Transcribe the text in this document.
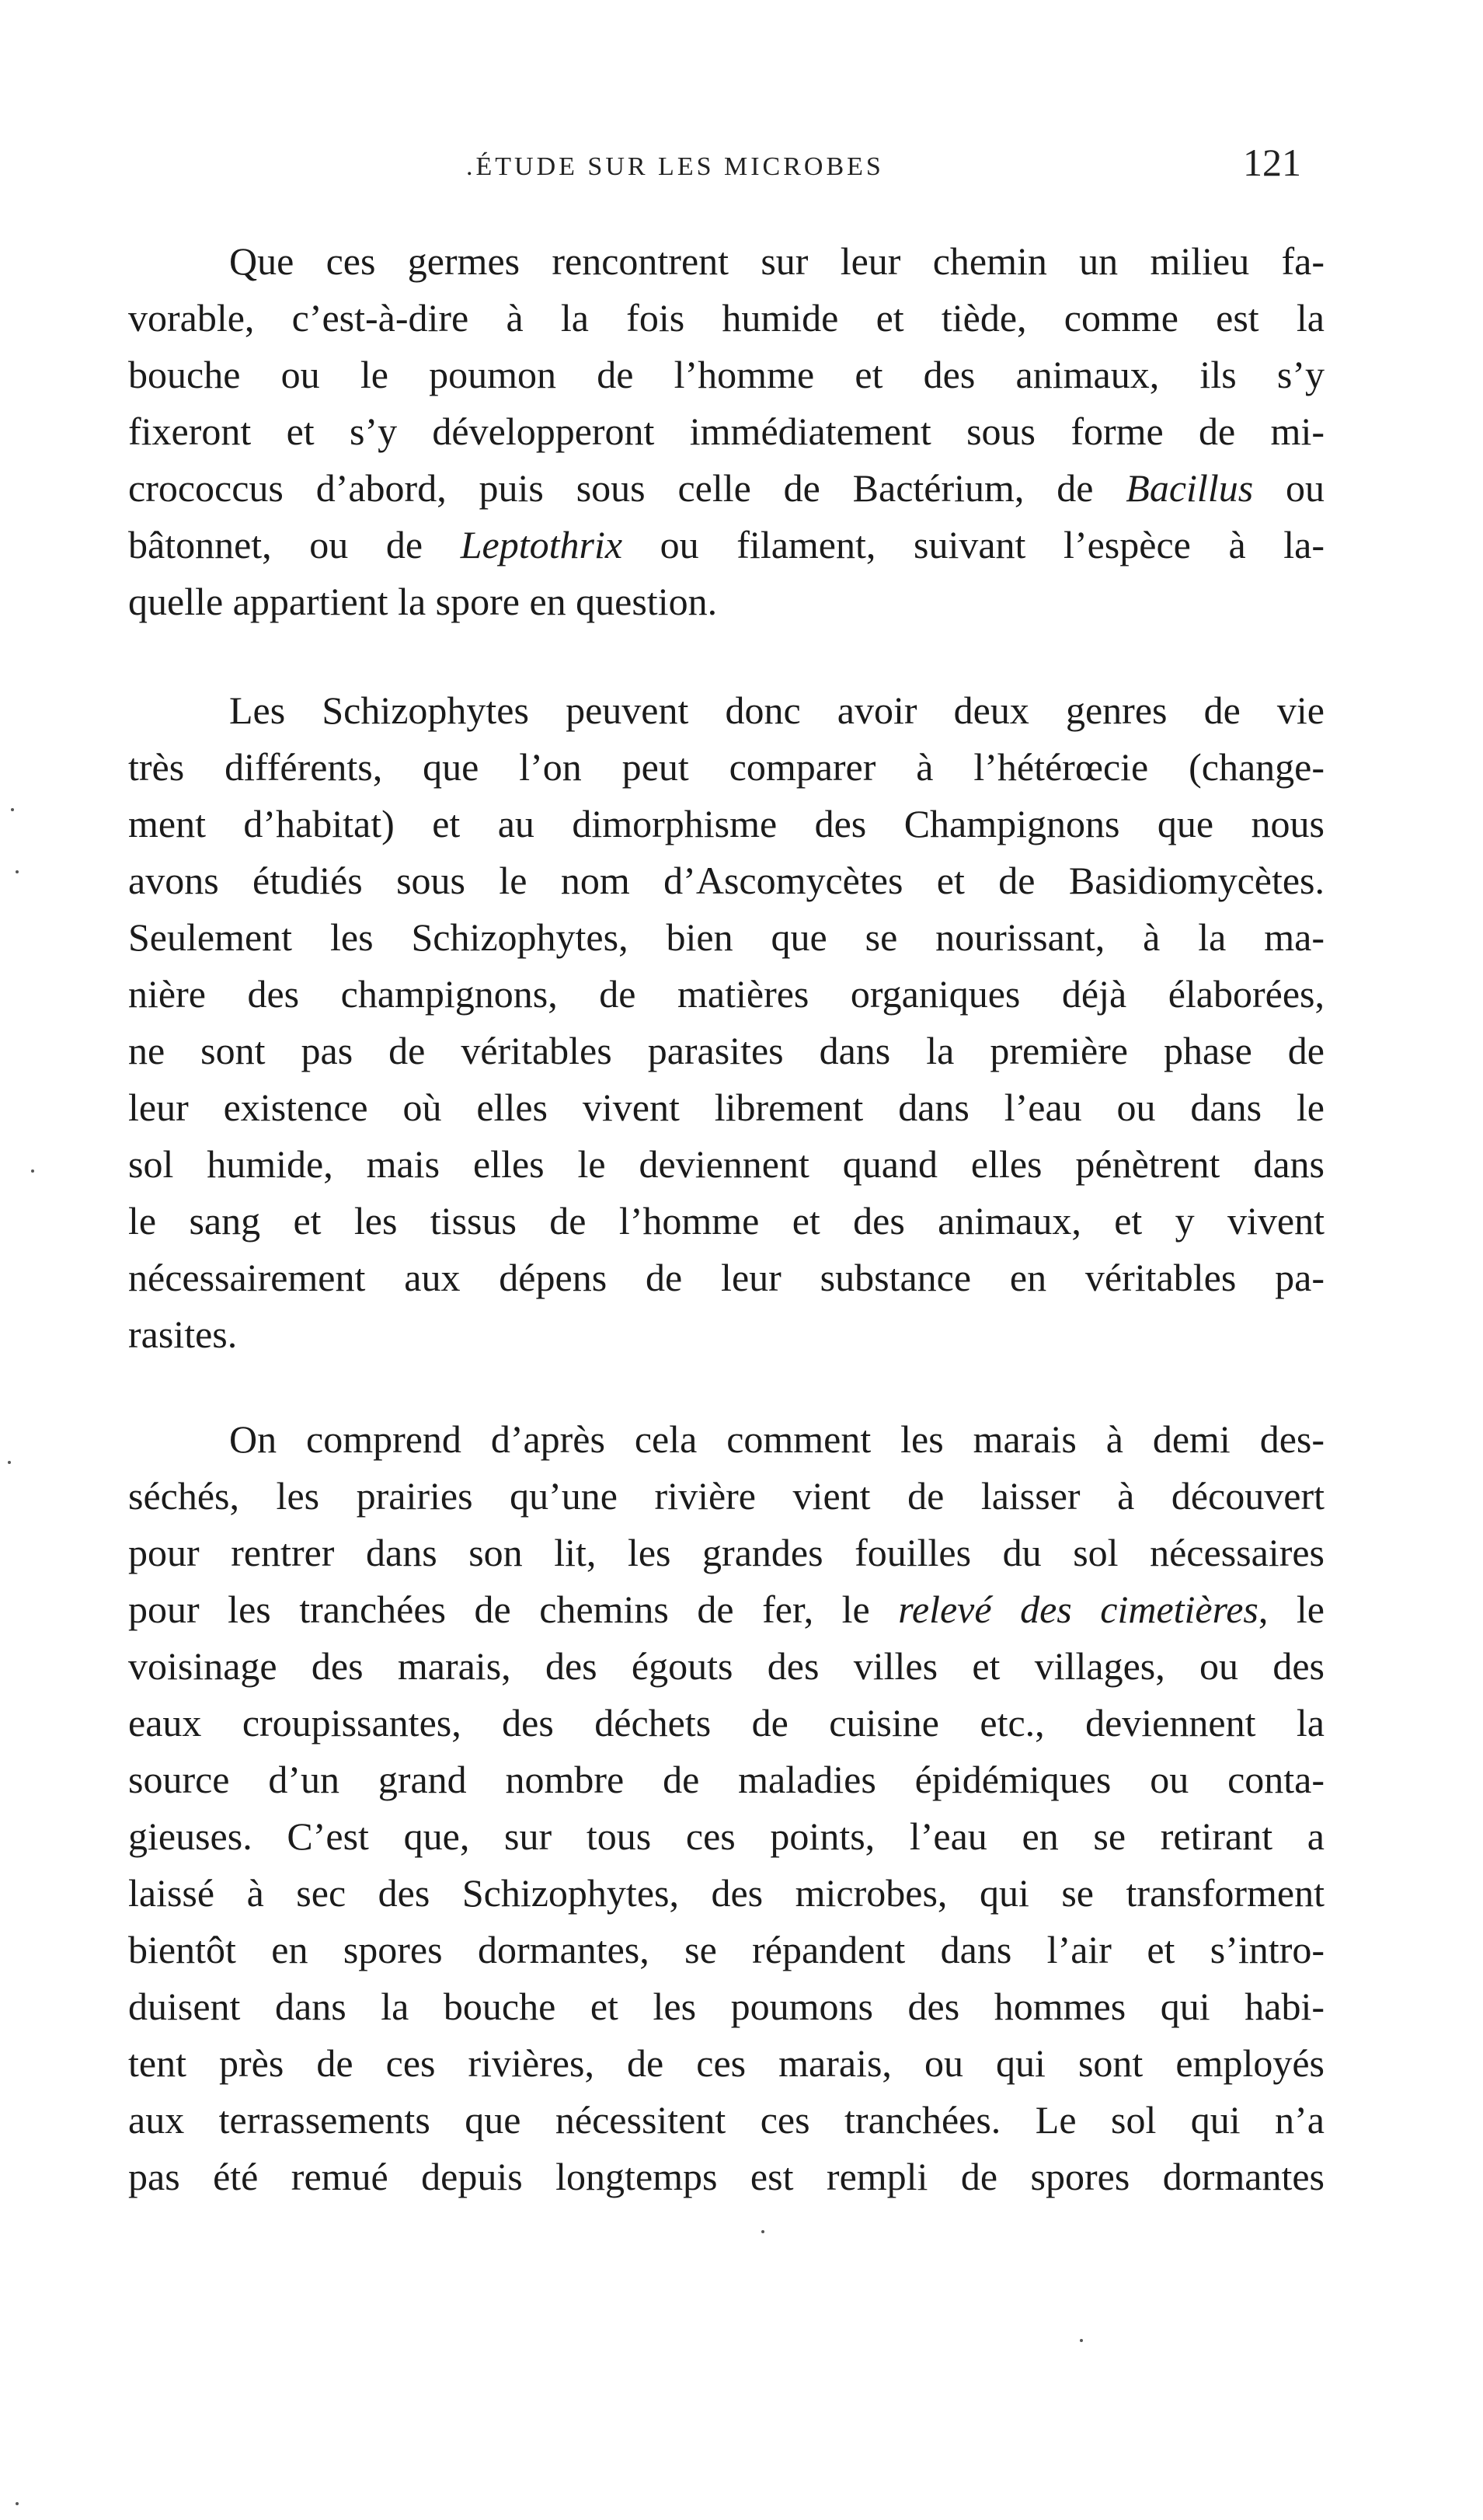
.ÉTUDE SUR LES MICROBES	121

Que ces germes rencontrent sur leur chemin un milieu fa-
vorable, c’est-à-dire à la fois humide et tiède, comme est la
bouche ou le poumon de l’homme et des animaux, ils s’y
fixeront et s’y développeront immédiatement sous forme de mi-
crococcus d’abord, puis sous celle de Bactérium, de Bacillus ou
bâtonnet, ou de Leptothrix ou filament, suivant l’espèce à la-
quelle appartient la spore en question.

Les Schizophytes peuvent donc avoir deux genres de vie
très différents, que l’on peut comparer à l’hétérœcie (change-
ment d’habitat) et au dimorphisme des Champignons que nous
avons étudiés sous le nom d’Ascomycètes et de Basidiomycètes.
Seulement les Schizophytes, bien que se nourissant, à la ma-
nière des champignons, de matières organiques déjà élaborées,
ne sont pas de véritables parasites dans la première phase de
leur existence où elles vivent librement dans l’eau ou dans le
sol humide, mais elles le deviennent quand elles pénètrent dans
le sang et les tissus de l’homme et des animaux, et y vivent
nécessairement aux dépens de leur substance en véritables pa-
rasites.

On comprend d’après cela comment les marais à demi des-
séchés, les prairies qu’une rivière vient de laisser à découvert
pour rentrer dans son lit, les grandes fouilles du sol nécessaires
pour les tranchées de chemins de fer, le relevé des cimetières, le
voisinage des marais, des égouts des villes et villages, ou des
eaux croupissantes, des déchets de cuisine etc., deviennent la
source d’un grand nombre de maladies épidémiques ou conta-
gieuses. C’est que, sur tous ces points, l’eau en se retirant a
laissé à sec des Schizophytes, des microbes, qui se transforment
bientôt en spores dormantes, se répandent dans l’air et s’intro-
duisent dans la bouche et les poumons des hommes qui habi-
tent près de ces rivières, de ces marais, ou qui sont employés
aux terrassements que nécessitent ces tranchées. Le sol qui n’a
pas été remué depuis longtemps est rempli de spores dormantes
